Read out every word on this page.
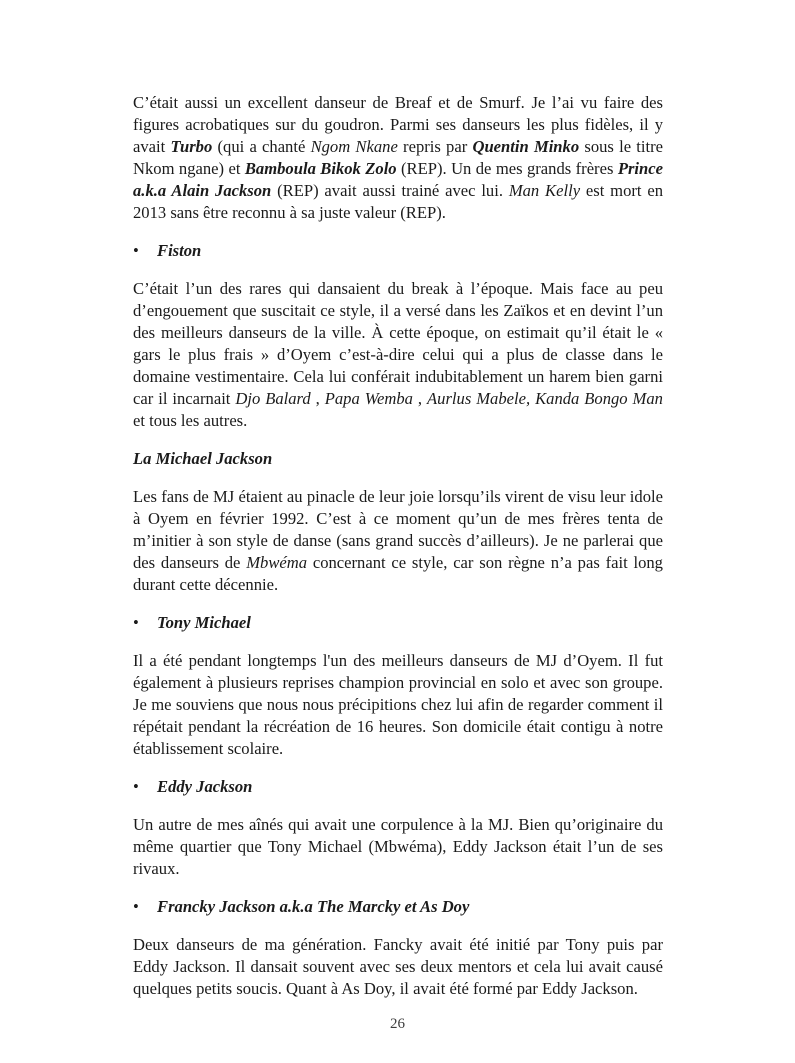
C’était aussi un excellent danseur de Breaf et de Smurf. Je l’ai vu faire des figures acrobatiques sur du goudron. Parmi ses danseurs les plus fidèles, il y avait Turbo (qui a chanté Ngom Nkane repris par Quentin Minko sous le titre Nkom ngane) et Bamboula Bikok Zolo (REP). Un de mes grands frères Prince a.k.a Alain Jackson (REP) avait aussi trainé avec lui. Man Kelly est mort en 2013 sans être reconnu à sa juste valeur (REP).

•	Fiston

C’était l’un des rares qui dansaient du break à l’époque. Mais face au peu d’engouement que suscitait ce style, il a versé dans les Zaïkos et en devint l’un des meilleurs danseurs de la ville. À cette époque, on estimait qu’il était le « gars le plus frais » d’Oyem c’est-à-dire celui qui a plus de classe dans le domaine vestimentaire. Cela lui conférait indubitablement un harem bien garni car il incarnait Djo Balard , Papa Wemba , Aurlus Mabele, Kanda Bongo Man et tous les autres.

La Michael Jackson

Les fans de MJ étaient au pinacle de leur joie lorsqu’ils virent de visu leur idole à Oyem en février 1992. C’est à ce moment qu’un de mes frères tenta de m’initier à son style de danse (sans grand succès d’ailleurs). Je ne parlerai que des danseurs de Mbwéma concernant ce style, car son règne n’a pas fait long durant cette décennie.

•	Tony Michael

Il a été pendant longtemps l'un des meilleurs danseurs de MJ d’Oyem. Il fut également à plusieurs reprises champion provincial en solo et avec son groupe. Je me souviens que nous nous précipitions chez lui afin de regarder comment il répétait pendant la récréation de 16 heures. Son domicile était contigu à notre établissement scolaire.

•	Eddy Jackson

Un autre de mes aînés qui avait une corpulence à la MJ. Bien qu’originaire du même quartier que Tony Michael (Mbwéma), Eddy Jackson était l’un de ses rivaux.

•	Francky Jackson a.k.a The Marcky et As Doy

Deux danseurs de ma génération. Fancky avait été initié par Tony puis par Eddy Jackson. Il dansait souvent avec ses deux mentors et cela lui avait causé quelques petits soucis. Quant à As Doy, il avait été formé par Eddy Jackson.

26
